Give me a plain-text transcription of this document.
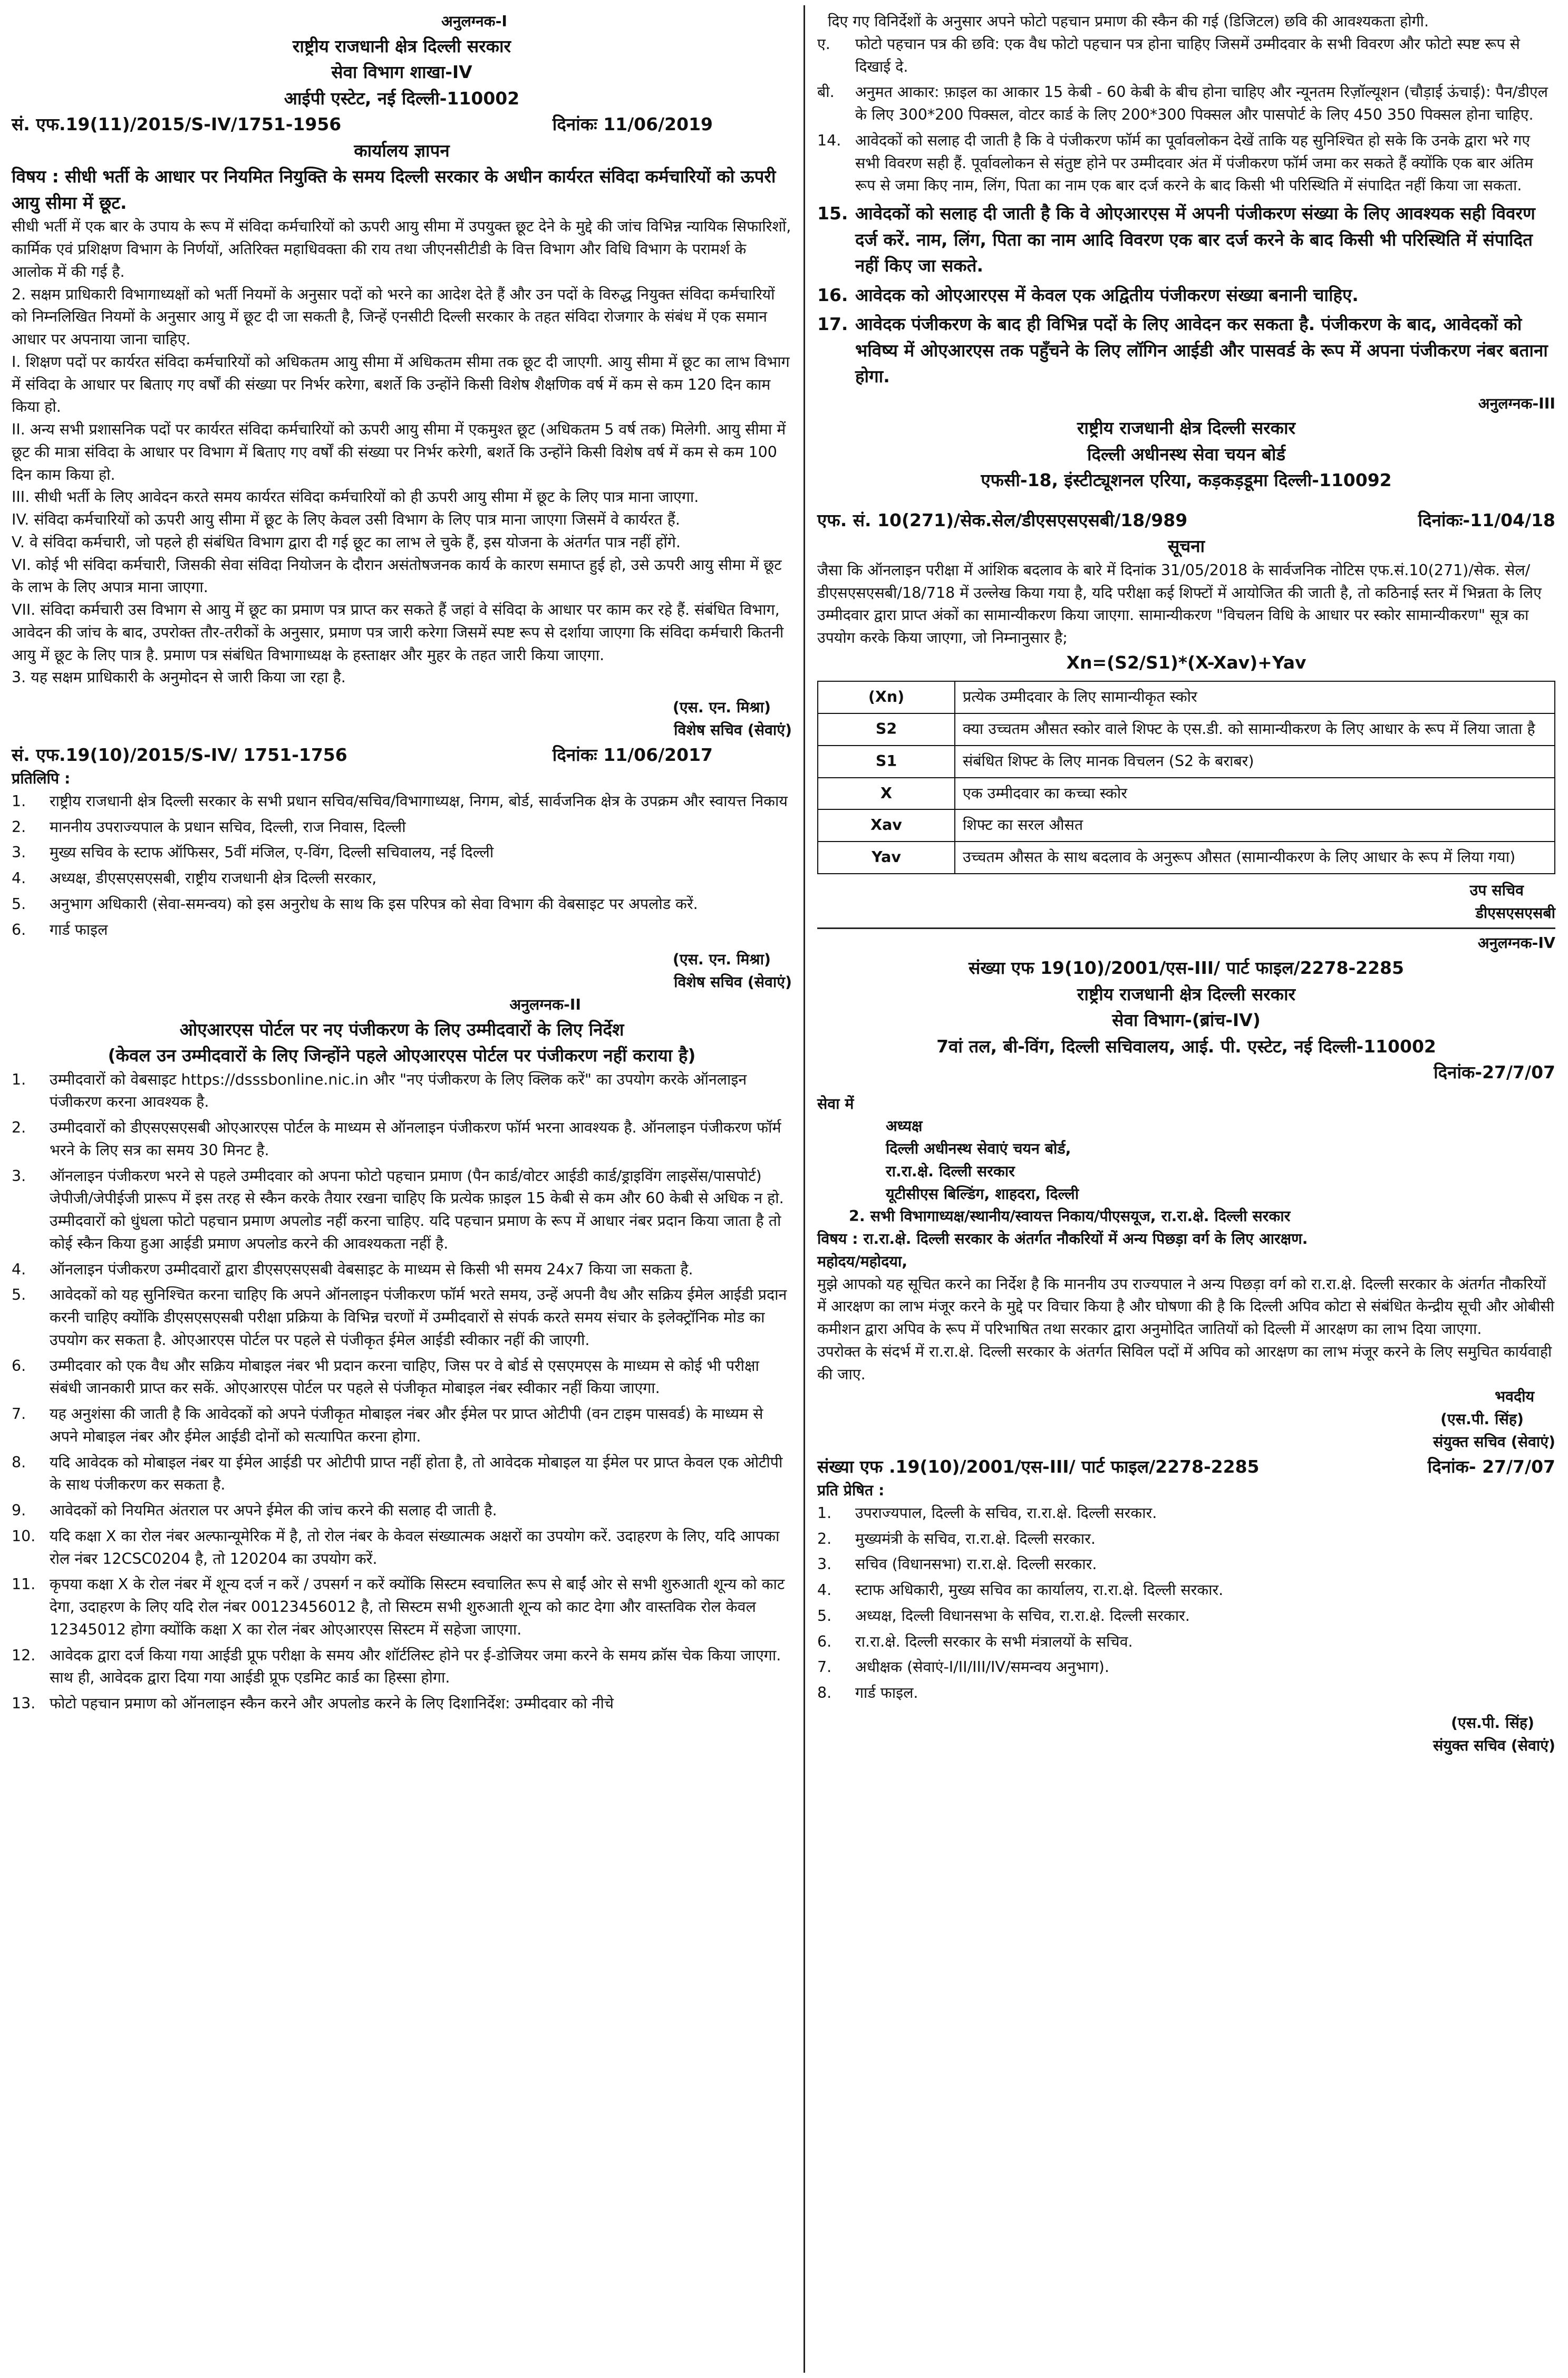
अनुलग्नक-I

राष्ट्रीय राजधानी क्षेत्र दिल्ली सरकार

सेवा विभाग शाखा-IV

आईपी एस्टेट, नई दिल्ली-110002

सं. एफ.19(11)/2015/S-IV/1751-1956	दिनांकः 11/06/2019

कार्यालय ज्ञापन

विषय : सीधी भर्ती के आधार पर नियमित नियुक्ति के समय दिल्ली सरकार के अधीन कार्यरत संविदा कर्मचारियों को ऊपरी आयु सीमा में छूट.

सीधी भर्ती में एक बार के उपाय के रूप में संविदा कर्मचारियों को ऊपरी आयु सीमा में उपयुक्त छूट देने के मुद्दे की जांच विभिन्न न्यायिक सिफारिशों, कार्मिक एवं प्रशिक्षण विभाग के निर्णयों, अतिरिक्त महाधिवक्ता की राय तथा जीएनसीटीडी के वित्त विभाग और विधि विभाग के परामर्श के आलोक में की गई है.

2. सक्षम प्राधिकारी विभागाध्यक्षों को भर्ती नियमों के अनुसार पदों को भरने का आदेश देते हैं और उन पदों के विरुद्ध नियुक्त संविदा कर्मचारियों को निम्नलिखित नियमों के अनुसार आयु में छूट दी जा सकती है, जिन्हें एनसीटी दिल्ली सरकार के तहत संविदा रोजगार के संबंध में एक समान आधार पर अपनाया जाना चाहिए.

I. शिक्षण पदों पर कार्यरत संविदा कर्मचारियों को अधिकतम आयु सीमा में अधिकतम सीमा तक छूट दी जाएगी. आयु सीमा में छूट का लाभ विभाग में संविदा के आधार पर बिताए गए वर्षों की संख्या पर निर्भर करेगा, बशर्ते कि उन्होंने किसी विशेष शैक्षणिक वर्ष में कम से कम 120 दिन काम किया हो.

II. अन्य सभी प्रशासनिक पदों पर कार्यरत संविदा कर्मचारियों को ऊपरी आयु सीमा में एकमुश्त छूट (अधिकतम 5 वर्ष तक) मिलेगी. आयु सीमा में छूट की मात्रा संविदा के आधार पर विभाग में बिताए गए वर्षों की संख्या पर निर्भर करेगी, बशर्ते कि उन्होंने किसी विशेष वर्ष में कम से कम 100 दिन काम किया हो.

III. सीधी भर्ती के लिए आवेदन करते समय कार्यरत संविदा कर्मचारियों को ही ऊपरी आयु सीमा में छूट के लिए पात्र माना जाएगा.

IV. संविदा कर्मचारियों को ऊपरी आयु सीमा में छूट के लिए केवल उसी विभाग के लिए पात्र माना जाएगा जिसमें वे कार्यरत हैं.

V. वे संविदा कर्मचारी, जो पहले ही संबंधित विभाग द्वारा दी गई छूट का लाभ ले चुके हैं, इस योजना के अंतर्गत पात्र नहीं होंगे.

VI. कोई भी संविदा कर्मचारी, जिसकी सेवा संविदा नियोजन के दौरान असंतोषजनक कार्य के कारण समाप्त हुई हो, उसे ऊपरी आयु सीमा में छूट के लाभ के लिए अपात्र माना जाएगा.

VII. संविदा कर्मचारी उस विभाग से आयु में छूट का प्रमाण पत्र प्राप्त कर सकते हैं जहां वे संविदा के आधार पर काम कर रहे हैं. संबंधित विभाग, आवेदन की जांच के बाद, उपरोक्त तौर-तरीकों के अनुसार, प्रमाण पत्र जारी करेगा जिसमें स्पष्ट रूप से दर्शाया जाएगा कि संविदा कर्मचारी कितनी आयु में छूट के लिए पात्र है. प्रमाण पत्र संबंधित विभागाध्यक्ष के हस्ताक्षर और मुहर के तहत जारी किया जाएगा.

3. यह सक्षम प्राधिकारी के अनुमोदन से जारी किया जा रहा है.

(एस. एन. मिश्रा)

विशेष सचिव (सेवाएं)

सं. एफ.19(10)/2015/S-IV/ 1751-1756	दिनांकः 11/06/2017

प्रतिलिपि :

1.	राष्ट्रीय राजधानी क्षेत्र दिल्ली सरकार के सभी प्रधान सचिव/सचिव/विभागाध्यक्ष, निगम, बोर्ड, सार्वजनिक क्षेत्र के उपक्रम और स्वायत्त निकाय
2.	माननीय उपराज्यपाल के प्रधान सचिव, दिल्ली, राज निवास, दिल्ली
3.	मुख्य सचिव के स्टाफ ऑफिसर, 5वीं मंजिल, ए-विंग, दिल्ली सचिवालय, नई दिल्ली
4.	अध्यक्ष, डीएसएसएसबी, राष्ट्रीय राजधानी क्षेत्र दिल्ली सरकार,
5.	अनुभाग अधिकारी (सेवा-समन्वय) को इस अनुरोध के साथ कि इस परिपत्र को सेवा विभाग की वेबसाइट पर अपलोड करें.
6.	गार्ड फाइल

(एस. एन. मिश्रा)

विशेष सचिव (सेवाएं)

अनुलग्नक-II

ओएआरएस पोर्टल पर नए पंजीकरण के लिए उम्मीदवारों के लिए निर्देश

(केवल उन उम्मीदवारों के लिए जिन्होंने पहले ओएआरएस पोर्टल पर पंजीकरण नहीं कराया है)

1.	उम्मीदवारों को वेबसाइट https://dsssbonline.nic.in और "नए पंजीकरण के लिए क्लिक करें" का उपयोग करके ऑनलाइन पंजीकरण करना आवश्यक है.
2.	उम्मीदवारों को डीएसएसएसबी ओएआरएस पोर्टल के माध्यम से ऑनलाइन पंजीकरण फॉर्म भरना आवश्यक है. ऑनलाइन पंजीकरण फॉर्म भरने के लिए सत्र का समय 30 मिनट है.
3.	ऑनलाइन पंजीकरण भरने से पहले उम्मीदवार को अपना फोटो पहचान प्रमाण (पैन कार्ड/वोटर आईडी कार्ड/ड्राइविंग लाइसेंस/पासपोर्ट) जेपीजी/जेपीईजी प्रारूप में इस तरह से स्कैन करके तैयार रखना चाहिए कि प्रत्येक फ़ाइल 15 केबी से कम और 60 केबी से अधिक न हो. उम्मीदवारों को धुंधला फोटो पहचान प्रमाण अपलोड नहीं करना चाहिए. यदि पहचान प्रमाण के रूप में आधार नंबर प्रदान किया जाता है तो कोई स्कैन किया हुआ आईडी प्रमाण अपलोड करने की आवश्यकता नहीं है.
4.	ऑनलाइन पंजीकरण उम्मीदवारों द्वारा डीएसएसएसबी वेबसाइट के माध्यम से किसी भी समय 24x7 किया जा सकता है.
5.	आवेदकों को यह सुनिश्चित करना चाहिए कि अपने ऑनलाइन पंजीकरण फॉर्म भरते समय, उन्हें अपनी वैध और सक्रिय ईमेल आईडी प्रदान करनी चाहिए क्योंकि डीएसएसएसबी परीक्षा प्रक्रिया के विभिन्न चरणों में उम्मीदवारों से संपर्क करते समय संचार के इलेक्ट्रॉनिक मोड का उपयोग कर सकता है. ओएआरएस पोर्टल पर पहले से पंजीकृत ईमेल आईडी स्वीकार नहीं की जाएगी.
6.	उम्मीदवार को एक वैध और सक्रिय मोबाइल नंबर भी प्रदान करना चाहिए, जिस पर वे बोर्ड से एसएमएस के माध्यम से कोई भी परीक्षा संबंधी जानकारी प्राप्त कर सकें. ओएआरएस पोर्टल पर पहले से पंजीकृत मोबाइल नंबर स्वीकार नहीं किया जाएगा.
7.	यह अनुशंसा की जाती है कि आवेदकों को अपने पंजीकृत मोबाइल नंबर और ईमेल पर प्राप्त ओटीपी (वन टाइम पासवर्ड) के माध्यम से अपने मोबाइल नंबर और ईमेल आईडी दोनों को सत्यापित करना होगा.
8.	यदि आवेदक को मोबाइल नंबर या ईमेल आईडी पर ओटीपी प्राप्त नहीं होता है, तो आवेदक मोबाइल या ईमेल पर प्राप्त केवल एक ओटीपी के साथ पंजीकरण कर सकता है.
9.	आवेदकों को नियमित अंतराल पर अपने ईमेल की जांच करने की सलाह दी जाती है.
10. यदि कक्षा X का रोल नंबर अल्फान्यूमेरिक में है, तो रोल नंबर के केवल संख्यात्मक अक्षरों का उपयोग करें. उदाहरण के लिए, यदि आपका रोल नंबर 12CSC0204 है, तो 120204 का उपयोग करें.
11. कृपया कक्षा X के रोल नंबर में शून्य दर्ज न करें / उपसर्ग न करें क्योंकि सिस्टम स्वचालित रूप से बाईं ओर से सभी शुरुआती शून्य को काट देगा, उदाहरण के लिए यदि रोल नंबर 00123456012 है, तो सिस्टम सभी शुरुआती शून्य को काट देगा और वास्तविक रोल केवल 12345012 होगा क्योंकि कक्षा X का रोल नंबर ओएआरएस सिस्टम में सहेजा जाएगा.
12. आवेदक द्वारा दर्ज किया गया आईडी प्रूफ परीक्षा के समय और शॉर्टलिस्ट होने पर ई-डोजियर जमा करने के समय क्रॉस चेक किया जाएगा. साथ ही, आवेदक द्वारा दिया गया आईडी प्रूफ एडमिट कार्ड का हिस्सा होगा.
13. फोटो पहचान प्रमाण को ऑनलाइन स्कैन करने और अपलोड करने के लिए दिशानिर्देश: उम्मीदवार को नीचे

दिए गए विनिर्देशों के अनुसार अपने फोटो पहचान प्रमाण की स्कैन की गई (डिजिटल) छवि की आवश्यकता होगी.

ए.	फोटो पहचान पत्र की छवि: एक वैध फोटो पहचान पत्र होना चाहिए जिसमें उम्मीदवार के सभी विवरण और फोटो स्पष्ट रूप से दिखाई दे.
बी.	अनुमत आकार: फ़ाइल का आकार 15 केबी - 60 केबी के बीच होना चाहिए और न्यूनतम रिज़ॉल्यूशन (चौड़ाई ऊंचाई): पैन/डीएल के लिए 300*200 पिक्सल, वोटर कार्ड के लिए 200*300 पिक्सल और पासपोर्ट के लिए 450 350 पिक्सल होना चाहिए.
14. आवेदकों को सलाह दी जाती है कि वे पंजीकरण फॉर्म का पूर्वावलोकन देखें ताकि यह सुनिश्चित हो सके कि उनके द्वारा भरे गए सभी विवरण सही हैं. पूर्वावलोकन से संतुष्ट होने पर उम्मीदवार अंत में पंजीकरण फॉर्म जमा कर सकते हैं क्योंकि एक बार अंतिम रूप से जमा किए नाम, लिंग, पिता का नाम एक बार दर्ज करने के बाद किसी भी परिस्थिति में संपादित नहीं किया जा सकता.
15. आवेदकों को सलाह दी जाती है कि वे ओएआरएस में अपनी पंजीकरण संख्या के लिए आवश्यक सही विवरण दर्ज करें. नाम, लिंग, पिता का नाम आदि विवरण एक बार दर्ज करने के बाद किसी भी परिस्थिति में संपादित नहीं किए जा सकते.
16. आवेदक को ओएआरएस में केवल एक अद्वितीय पंजीकरण संख्या बनानी चाहिए.
17. आवेदक पंजीकरण के बाद ही विभिन्न पदों के लिए आवेदन कर सकता है. पंजीकरण के बाद, आवेदकों को भविष्य में ओएआरएस तक पहुँचने के लिए लॉगिन आईडी और पासवर्ड के रूप में अपना पंजीकरण नंबर बताना होगा.

अनुलग्नक-III

राष्ट्रीय राजधानी क्षेत्र दिल्ली सरकार

दिल्ली अधीनस्थ सेवा चयन बोर्ड

एफसी-18, इंस्टीट्यूशनल एरिया, कड़कड़डूमा दिल्ली-110092

एफ. सं. 10(271)/सेक.सेल/डीएसएसएसबी/18/989	दिनांकः-11/04/18

सूचना

जैसा कि ऑनलाइन परीक्षा में आंशिक बदलाव के बारे में दिनांक 31/05/2018 के सार्वजनिक नोटिस एफ.सं.10(271)/सेक. सेल/डीएसएसएसबी/18/718 में उल्लेख किया गया है, यदि परीक्षा कई शिफ्टों में आयोजित की जाती है, तो कठिनाई स्तर में भिन्नता के लिए उम्मीदवार द्वारा प्राप्त अंकों का सामान्यीकरण किया जाएगा. सामान्यीकरण "विचलन विधि के आधार पर स्कोर सामान्यीकरण" सूत्र का उपयोग करके किया जाएगा, जो निम्नानुसार है;

Xn=(S2/S1)*(X-Xav)+Yav

(Xn)	प्रत्येक उम्मीदवार के लिए सामान्यीकृत स्कोर
S2	क्या उच्चतम औसत स्कोर वाले शिफ्ट के एस.डी. को सामान्यीकरण के लिए आधार के रूप में लिया जाता है
S1	संबंधित शिफ्ट के लिए मानक विचलन (S2 के बराबर)
X	एक उम्मीदवार का कच्चा स्कोर
Xav	शिफ्ट का सरल औसत
Yav	उच्चतम औसत के साथ बदलाव के अनुरूप औसत (सामान्यीकरण के लिए आधार के रूप में लिया गया)

उप सचिव

डीएसएसएसबी

अनुलग्नक-IV

संख्या एफ 19(10)/2001/एस-III/ पार्ट फाइल/2278-2285

राष्ट्रीय राजधानी क्षेत्र दिल्ली सरकार

सेवा विभाग-(ब्रांच-IV)

7वां तल, बी-विंग, दिल्ली सचिवालय, आई. पी. एस्टेट, नई दिल्ली-110002

दिनांक-27/7/07

सेवा में

अध्यक्ष

दिल्ली अधीनस्थ सेवाएं चयन बोर्ड,

रा.रा.क्षे. दिल्ली सरकार

यूटीसीएस बिल्डिंग, शाहदरा, दिल्ली

2. सभी विभागाध्यक्ष/स्थानीय/स्वायत्त निकाय/पीएसयूज, रा.रा.क्षे. दिल्ली सरकार

विषय : रा.रा.क्षे. दिल्ली सरकार के अंतर्गत नौकरियों में अन्य पिछड़ा वर्ग के लिए आरक्षण.

महोदय/महोदया,

मुझे आपको यह सूचित करने का निर्देश है कि माननीय उप राज्यपाल ने अन्य पिछड़ा वर्ग को रा.रा.क्षे. दिल्ली सरकार के अंतर्गत नौकरियों में आरक्षण का लाभ मंजूर करने के मुद्दे पर विचार किया है और घोषणा की है कि दिल्ली अपिव कोटा से संबंधित केन्द्रीय सूची और ओबीसी कमीशन द्वारा अपिव के रूप में परिभाषित तथा सरकार द्वारा अनुमोदित जातियों को दिल्ली में आरक्षण का लाभ दिया जाएगा.

उपरोक्त के संदर्भ में रा.रा.क्षे. दिल्ली सरकार के अंतर्गत सिविल पदों में अपिव को आरक्षण का लाभ मंजूर करने के लिए समुचित कार्यवाही की जाए.

भवदीय

(एस.पी. सिंह)

संयुक्त सचिव (सेवाएं)

संख्या एफ .19(10)/2001/एस-III/ पार्ट फाइल/2278-2285	दिनांक- 27/7/07

प्रति प्रेषित :

1.	उपराज्यपाल, दिल्ली के सचिव, रा.रा.क्षे. दिल्ली सरकार.
2.	मुख्यमंत्री के सचिव, रा.रा.क्षे. दिल्ली सरकार.
3.	सचिव (विधानसभा) रा.रा.क्षे. दिल्ली सरकार.
4.	स्टाफ अधिकारी, मुख्य सचिव का कार्यालय, रा.रा.क्षे. दिल्ली सरकार.
5.	अध्यक्ष, दिल्ली विधानसभा के सचिव, रा.रा.क्षे. दिल्ली सरकार.
6.	रा.रा.क्षे. दिल्ली सरकार के सभी मंत्रालयों के सचिव.
7.	अधीक्षक (सेवाएं-I/II/III/IV/समन्वय अनुभाग).
8.	गार्ड फाइल.

(एस.पी. सिंह)

संयुक्त सचिव (सेवाएं)
